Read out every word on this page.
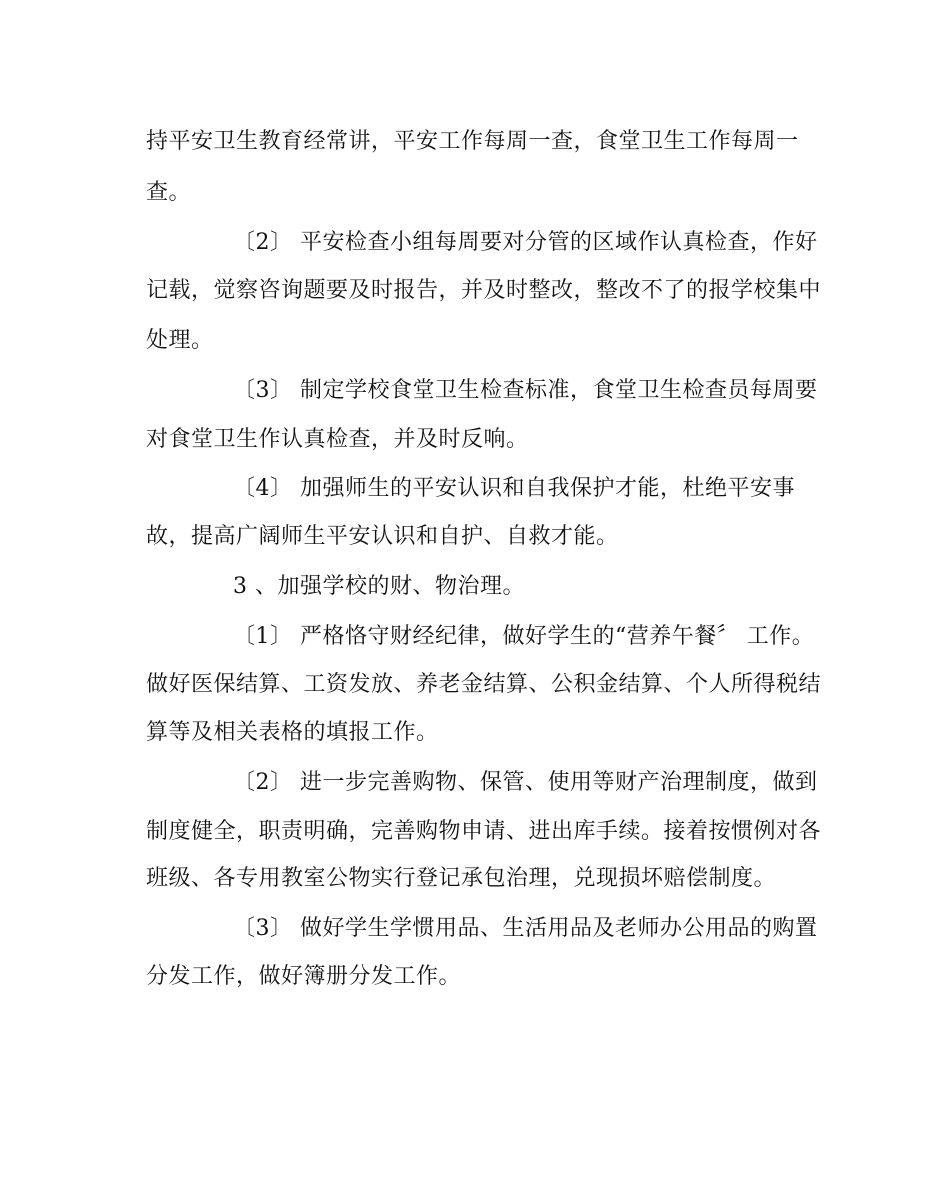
持平安卫生教育经常讲，平安工作每周一查，食堂卫生工作每周一
查。
〔2〕 平安检查小组每周要对分管的区域作认真检查，作好
记载，觉察咨询题要及时报告，并及时整改，整改不了的报学校集中
处理。
〔3〕 制定学校食堂卫生检查标准，食堂卫生检查员每周要
对食堂卫生作认真检查，并及时反响。
〔4〕 加强师生的平安认识和自我保护才能，杜绝平安事
故，提高广阔师生平安认识和自护、自救才能。
3 、加强学校的财、物治理。
〔1〕 严格恪守财经纪律，做好学生的“营养午餐〞 工作。
做好医保结算、工资发放、养老金结算、公积金结算、个人所得税结
算等及相关表格的填报工作。
〔2〕 进一步完善购物、保管、使用等财产治理制度，做到
制度健全，职责明确，完善购物申请、进出库手续。接着按惯例对各
班级、各专用教室公物实行登记承包治理，兑现损坏赔偿制度。
〔3〕 做好学生学惯用品、生活用品及老师办公用品的购置
分发工作，做好簿册分发工作。
